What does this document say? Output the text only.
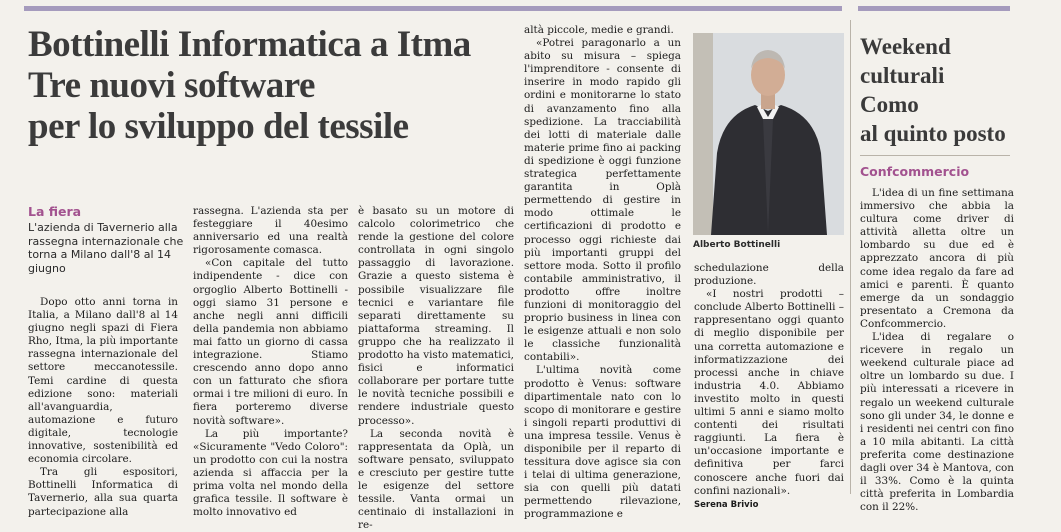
Bottinelli Informatica a Itma
Tre nuovi software
per lo sviluppo del tessile
La fiera
L'azienda di Tavernerio alla rassegna internazionale che torna a Milano dall'8 al 14 giugno

Dopo otto anni torna in Italia, a Milano dall'8 al 14 giugno negli spazi di Fiera Rho, Itma, la più importante rassegna internazionale del settore meccanotessile. Temi cardine di questa edizione sono: materiali all'avanguardia, automazione e futuro digitale, tecnologie innovative, sostenibilità ed economia circolare.

Tra gli espositori, Bottinelli Informatica di Tavernerio, alla sua quarta partecipazione alla

rassegna. L'azienda sta per festeggiare il 40esimo anniversario ed una realtà rigorosamente comasca.

«Con capitale del tutto indipendente - dice con orgoglio Alberto Bottinelli - oggi siamo 31 persone e anche negli anni difficili della pandemia non abbiamo mai fatto un giorno di cassa integrazione. Stiamo crescendo anno dopo anno con un fatturato che sfiora ormai i tre milioni di euro. In fiera porteremo diverse novità software».

La più importante? «Sicuramente "Vedo Coloro": un prodotto con cui la nostra azienda si affaccia per la prima volta nel mondo della grafica tessile. Il software è molto innovativo ed

è basato su un motore di calcolo colorimetrico che rende la gestione del colore controllata in ogni singolo passaggio di lavorazione. Grazie a questo sistema è possibile visualizzare file tecnici e variantare file separati direttamente su piattaforma streaming. Il gruppo che ha realizzato il prodotto ha visto matematici, fisici e informatici collaborare per portare tutte le novità tecniche possibili e rendere industriale questo processo».

La seconda novità è rappresentata da Oplà, un software pensato, sviluppato e cresciuto per gestire tutte le esigenze del settore tessile. Vanta ormai un centinaio di installazioni in re-

altà piccole, medie e grandi.

«Potrei paragonarlo a un abito su misura – spiega l'imprenditore - consente di inserire in modo rapido gli ordini e monitorarne lo stato di avanzamento fino alla spedizione. La tracciabilità dei lotti di materiale dalle materie prime fino ai packing di spedizione è oggi funzione strategica perfettamente garantita in Oplà permettendo di gestire in modo ottimale le certificazioni di prodotto e processo oggi richieste dai più importanti gruppi del settore moda. Sotto il profilo contabile amministrativo, il prodotto offre inoltre funzioni di monitoraggio del proprio business in linea con le esigenze attuali e non solo le classiche funzionalità contabili».

L'ultima novità come prodotto è Venus: software dipartimentale nato con lo scopo di monitorare e gestire i singoli reparti produttivi di una impresa tessile. Venus è disponibile per il reparto di tessitura dove agisce sia con i telai di ultima generazione, sia con quelli più datati permettendo rilevazione, programmazione e

schedulazione della produzione.

«I nostri prodotti – conclude Alberto Bottinelli – rappresentano oggi quanto di meglio disponibile per una corretta automazione e informatizzazione dei processi anche in chiave industria 4.0. Abbiamo investito molto in questi ultimi 5 anni e siamo molto contenti dei risultati raggiunti. La fiera è un'occasione importante e definitiva per farci conoscere anche fuori dai confini nazionali».

Serena Brivio

Alberto Bottinelli
Weekend
culturali
Como
al quinto posto
Confcommercio

L'idea di un fine settimana immersivo che abbia la cultura come driver di attività alletta oltre un lombardo su due ed è apprezzato ancora di più come idea regalo da fare ad amici e parenti. È quanto emerge da un sondaggio presentato a Cremona da Confcommercio.

L'idea di regalare o ricevere in regalo un weekend culturale piace ad oltre un lombardo su due. I più interessati a ricevere in regalo un weekend culturale sono gli under 34, le donne e i residenti nei centri con fino a 10 mila abitanti. La città preferita come destinazione dagli over 34 è Mantova, con il 33%. Como è la quinta città preferita in Lombardia con il 22%.
